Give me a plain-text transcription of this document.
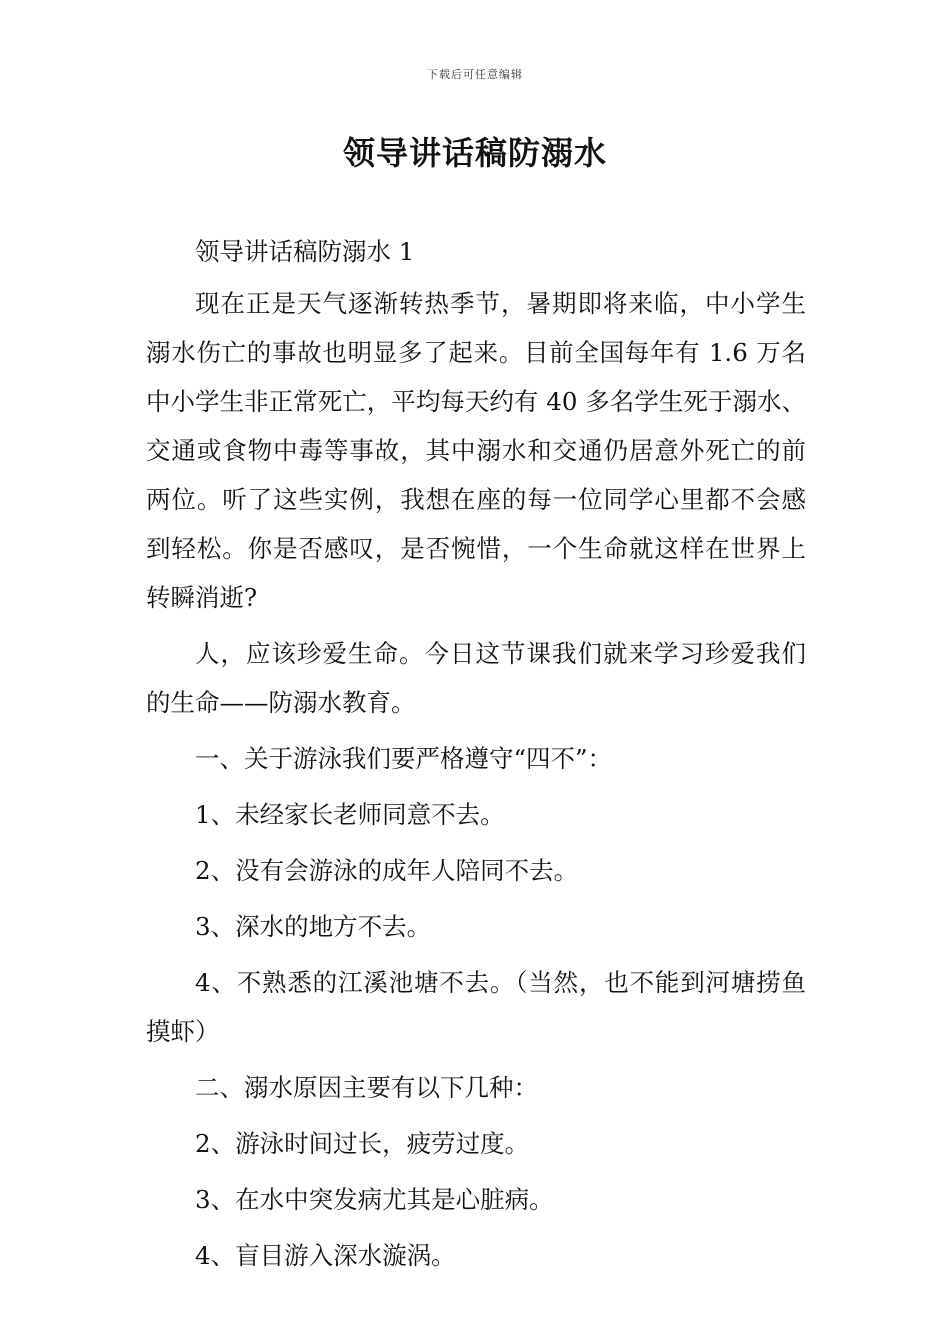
下载后可任意编辑
领导讲话稿防溺水

领导讲话稿防溺水 1

现在正是天气逐渐转热季节，暑期即将来临，中小学生溺水伤亡的事故也明显多了起来。目前全国每年有 1.6 万名中小学生非正常死亡，平均每天约有 40 多名学生死于溺水、交通或食物中毒等事故，其中溺水和交通仍居意外死亡的前两位。听了这些实例，我想在座的每一位同学心里都不会感到轻松。你是否感叹，是否惋惜，一个生命就这样在世界上转瞬消逝?

人，应该珍爱生命。今日这节课我们就来学习珍爱我们的生命——防溺水教育。

一、关于游泳我们要严格遵守“四不”：

1、未经家长老师同意不去。

2、没有会游泳的成年人陪同不去。

3、深水的地方不去。

4、不熟悉的江溪池塘不去。（当然，也不能到河塘捞鱼摸虾）

二、溺水原因主要有以下几种：

2、游泳时间过长，疲劳过度。

3、在水中突发病尤其是心脏病。

4、盲目游入深水漩涡。
